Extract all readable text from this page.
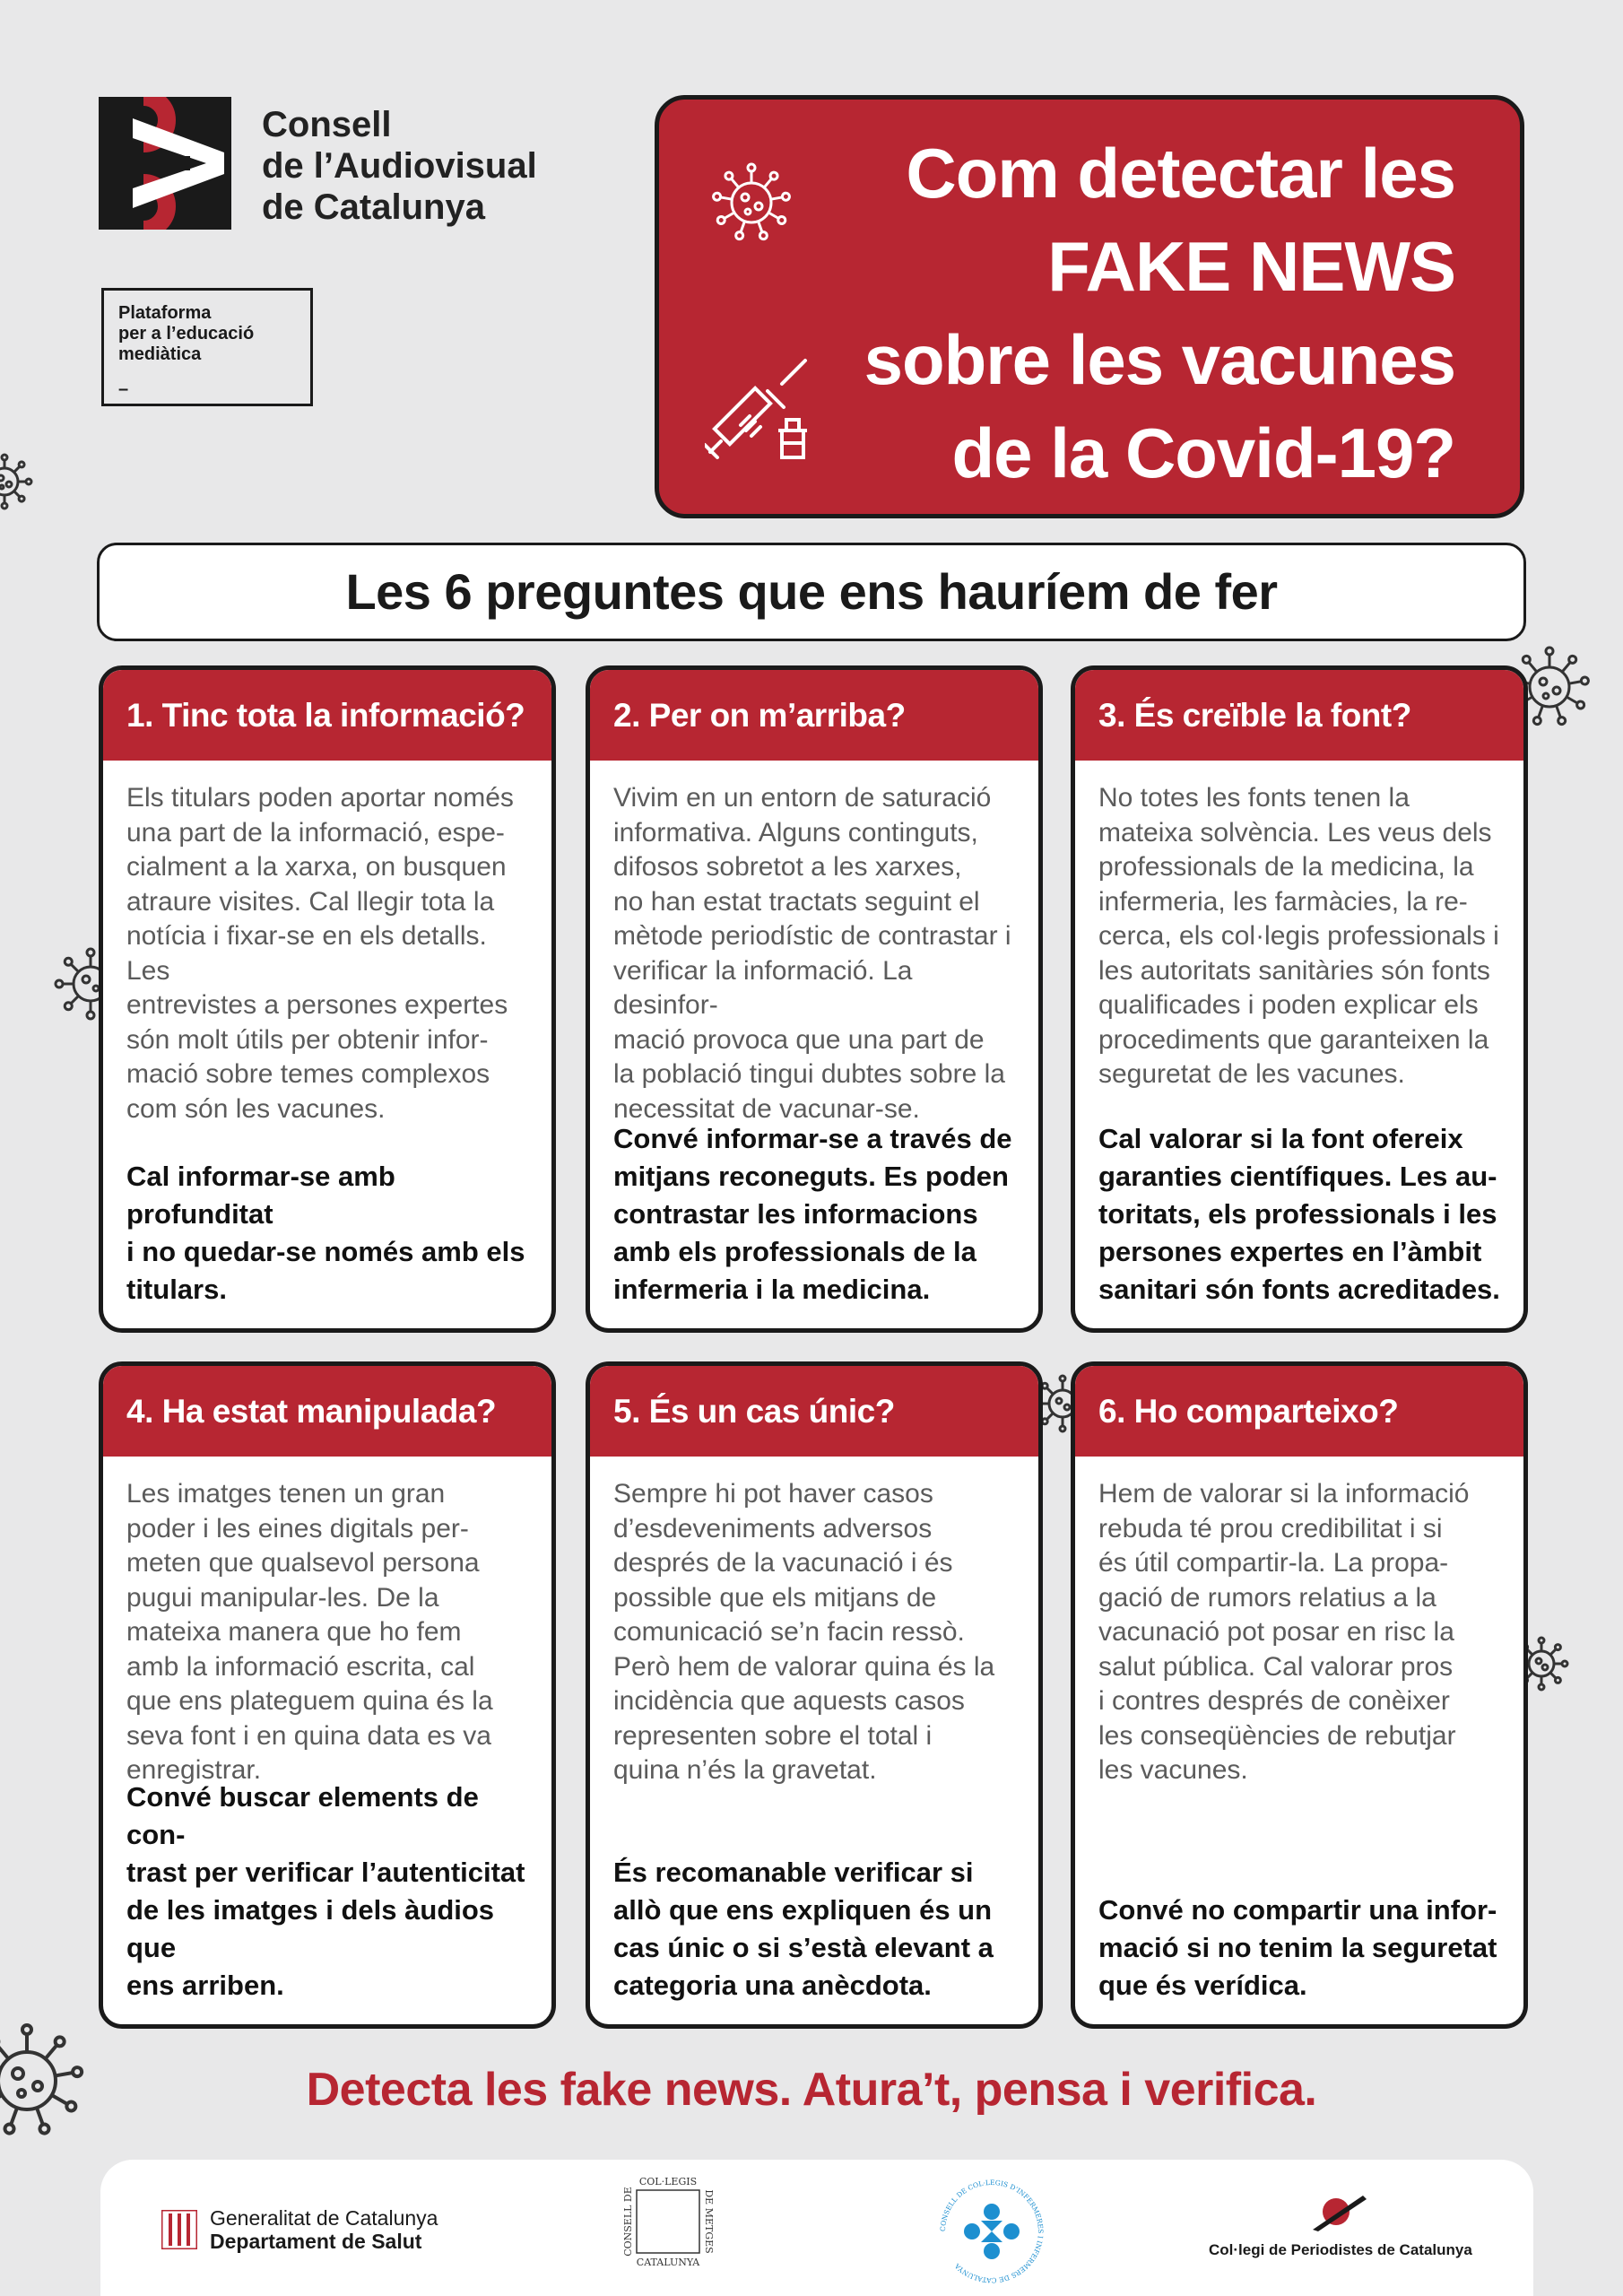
Consell
de l’Audiovisual
de Catalunya
Plataforma
per a l’educació
mediàtica
–
Com detectar les
FAKE NEWS
sobre les vacunes
de la Covid-19?
Les 6 preguntes que ens hauríem de fer
1. Tinc tota la informació?
Els titulars poden aportar només
una part de la informació, espe-
cialment a la xarxa, on busquen
atraure visites. Cal llegir tota la
notícia i fixar-se en els detalls. Les
entrevistes a persones expertes
són molt útils per obtenir infor-
mació sobre temes complexos
com són les vacunes.
Cal informar-se amb profunditat
i no quedar-se només amb els
titulars.
2. Per on m’arriba?
Vivim en un entorn de saturació
informativa. Alguns continguts,
difosos sobretot a les xarxes,
no han estat tractats seguint el
mètode periodístic de contrastar i
verificar la informació. La desinfor-
mació provoca que una part de
la població tingui dubtes sobre la
necessitat de vacunar-se.
Convé informar-se a través de
mitjans reconeguts. Es poden
contrastar les informacions
amb els professionals de la
infermeria i la medicina.
3. És creïble la font?
No totes les fonts tenen la
mateixa solvència. Les veus dels
professionals de la medicina, la
infermeria, les farmàcies, la re-
cerca, els col·legis professionals i
les autoritats sanitàries són fonts
qualificades i poden explicar els
procediments que garanteixen la
seguretat de les vacunes.
Cal valorar si la font ofereix
garanties científiques. Les au-
toritats, els professionals i les
persones expertes en l’àmbit
sanitari són fonts acreditades.
4. Ha estat manipulada?
Les imatges tenen un gran
poder i les eines digitals per-
meten que qualsevol persona
pugui manipular-les. De la
mateixa manera que ho fem
amb la informació escrita, cal
que ens plateguem quina és la
seva font i en quina data es va
enregistrar.
Convé buscar elements de con-
trast per verificar l’autenticitat
de les imatges i dels àudios que
ens arriben.
5. És un cas únic?
Sempre hi pot haver casos
d’esdeveniments adversos
després de la vacunació i és
possible que els mitjans de
comunicació se’n facin ressò.
Però hem de valorar quina és la
incidència que aquests casos
representen sobre el total i
quina n’és la gravetat.
És recomanable verificar si
allò que ens expliquen és un
cas únic o si s’està elevant a
categoria una anècdota.
6. Ho comparteixo?
Hem de valorar si la informació
rebuda té prou credibilitat i si
és útil compartir-la. La propa-
gació de rumors relatius a la
vacunació pot posar en risc la
salut pública. Cal valorar pros
i contres després de conèixer
les conseqüències de rebutjar
les vacunes.
Convé no compartir una infor-
mació si no tenim la seguretat
que és verídica.
Detecta les fake news. Atura’t, pensa i verifica.
Generalitat de Catalunya
Departament de Salut
COL·LEGIS
CATALUNYA
CONSELL DE	DE METGES	CONSELL DE COL·LEGIS D’INFERMERES I INFERMERS DE CATALUNYA
Col·legi de Periodistes de Catalunya
